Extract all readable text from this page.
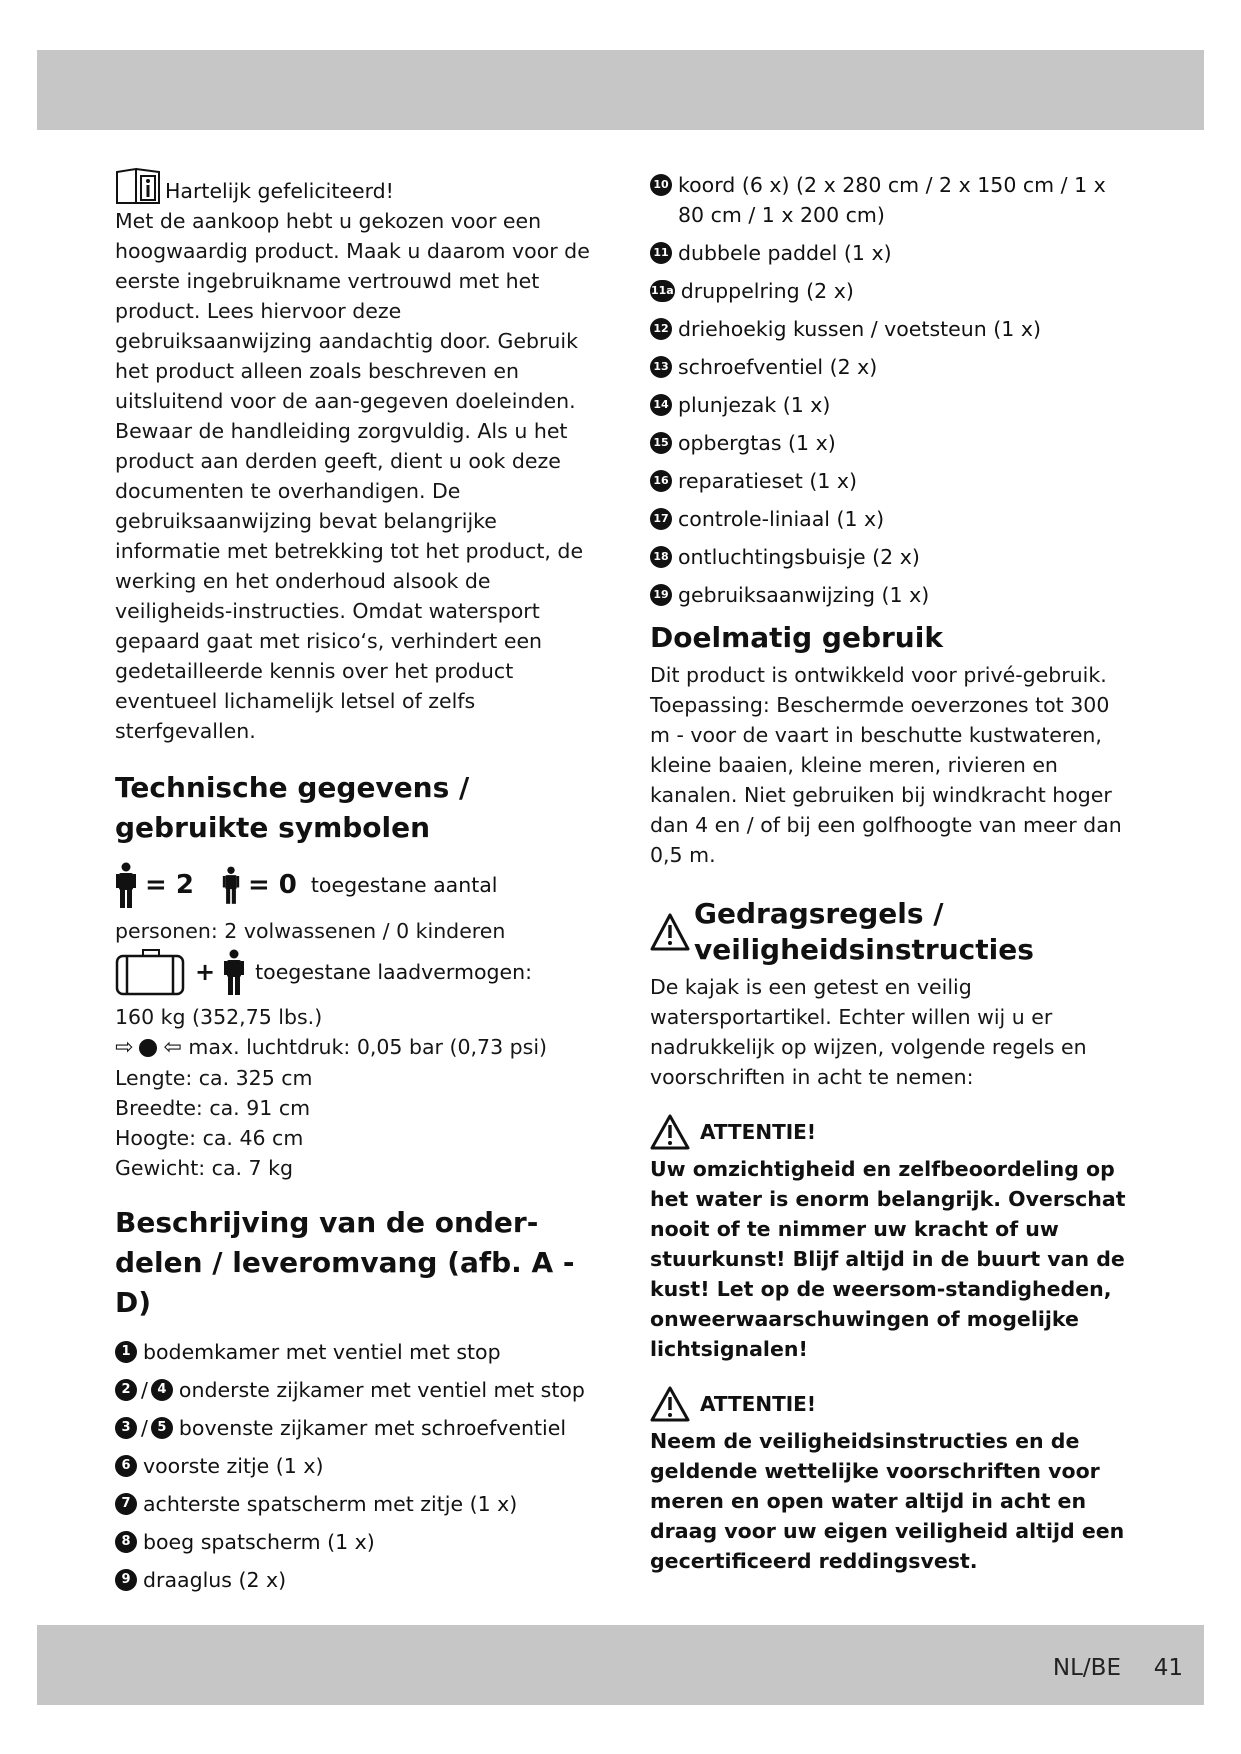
Hartelijk gefeliciteerd!

Met de aankoop hebt u gekozen voor een hoogwaardig product. Maak u daarom voor de eerste ingebruikname vertrouwd met het product. Lees hiervoor deze gebruiksaanwijzing aandachtig door. Gebruik het product alleen zoals beschreven en uitsluitend voor de aan-gegeven doeleinden. Bewaar de handleiding zorgvuldig. Als u het product aan derden geeft, dient u ook deze documenten te overhandigen. De gebruiksaanwijzing bevat belangrijke informatie met betrekking tot het product, de werking en het onderhoud alsook de veiligheids-instructies. Omdat watersport gepaard gaat met risico‘s, verhindert een gedetailleerde kennis over het product eventueel lichamelijk letsel of zelfs sterfgevallen.

Technische gegevens / gebruikte symbolen
= 2 = 0 toegestane aantal

personen: 2 volwassenen / 0 kinderen

+ toegestane laadvermogen:

160 kg (352,75 lbs.)

⇨ ⇦ max. luchtdruk: 0,05 bar (0,73 psi)

Lengte: ca. 325 cm

Breedte: ca. 91 cm

Hoogte: ca. 46 cm

Gewicht: ca. 7 kg

Beschrijving van de onder-delen / leveromvang (afb. A - D)
1 bodemkamer met ventiel met stop
2 / 4 onderste zijkamer met ventiel met stop
3 / 5 bovenste zijkamer met schroefventiel
6 voorste zitje (1 x)
7 achterste spatscherm met zitje (1 x)
8 boeg spatscherm (1 x)
9 draaglus (2 x)
10 koord (6 x) (2 x 280 cm / 2 x 150 cm / 1 x 80 cm / 1 x 200 cm)
11 dubbele paddel (1 x)
11a druppelring (2 x)
12 driehoekig kussen / voetsteun (1 x)
13 schroefventiel (2 x)
14 plunjezak (1 x)
15 opbergtas (1 x)
16 reparatieset (1 x)
17 controle-liniaal (1 x)
18 ontluchtingsbuisje (2 x)
19 gebruiksaanwijzing (1 x)
Doelmatig gebruik

Dit product is ontwikkeld voor privé-gebruik. Toepassing: Beschermde oeverzones tot 300 m - voor de vaart in beschutte kustwateren, kleine baaien, kleine meren, rivieren en kanalen. Niet gebruiken bij windkracht hoger dan 4 en / of bij een golfhoogte van meer dan 0,5 m.

Gedragsregels / veiligheidsinstructies

De kajak is een getest en veilig watersportartikel. Echter willen wij u er nadrukkelijk op wijzen, volgende regels en voorschriften in acht te nemen:

ATTENTIE!

Uw omzichtigheid en zelfbeoordeling op het water is enorm belangrijk. Overschat nooit of te nimmer uw kracht of uw stuurkunst! Blijf altijd in de buurt van de kust! Let op de weersom-standigheden, onweerwaarschuwingen of mogelijke lichtsignalen!

ATTENTIE!

Neem de veiligheidsinstructies en de geldende wettelijke voorschriften voor meren en open water altijd in acht en draag voor uw eigen veiligheid altijd een gecertificeerd reddingsvest.

NL/BE 41
